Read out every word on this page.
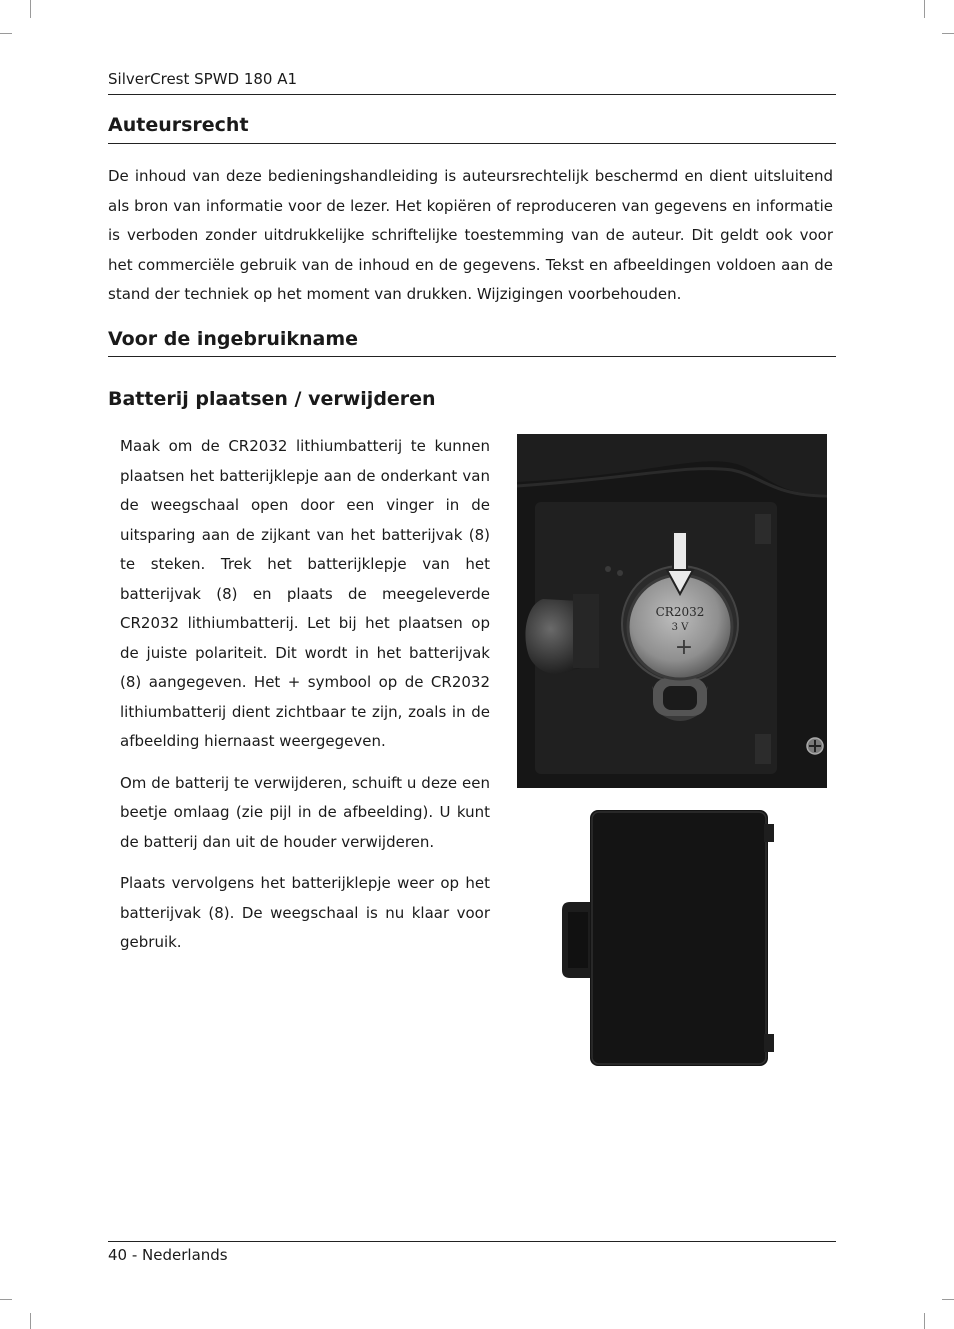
SilverCrest SPWD 180 A1
Auteursrecht

De inhoud van deze bedieningshandleiding is auteursrechtelijk beschermd en dient uitsluitend als bron van informatie voor de lezer. Het kopiëren of reproduceren van gegevens en informatie is verboden zonder uitdrukkelijke schriftelijke toestemming van de auteur. Dit geldt ook voor het commerciële gebruik van de inhoud en de gegevens. Tekst en afbeeldingen voldoen aan de stand der techniek op het moment van drukken. Wijzigingen voorbehouden.

Voor de ingebruikname
Batterij plaatsen / verwijderen

Maak om de CR2032 lithiumbatterij te kunnen plaatsen het batterijklepje aan de onderkant van de weegschaal open door een vinger in de uitsparing aan de zijkant van het batterijvak (8) te steken. Trek het batterijklepje van het batterijvak (8) en plaats de meegeleverde CR2032 lithiumbatterij. Let bij het plaatsen op de juiste polariteit. Dit wordt in het batterijvak (8) aangegeven. Het + symbool op de CR2032 lithiumbatterij dient zichtbaar te zijn, zoals in de afbeelding hiernaast weergegeven.

Om de batterij te verwijderen, schuift u deze een beetje omlaag (zie pijl in de afbeelding). U kunt de batterij dan uit de houder verwijderen.

Plaats vervolgens het batterijklepje weer op het batterijvak (8). De weegschaal is nu klaar voor gebruik.

CR2032
3 V
+
40 - Nederlands
